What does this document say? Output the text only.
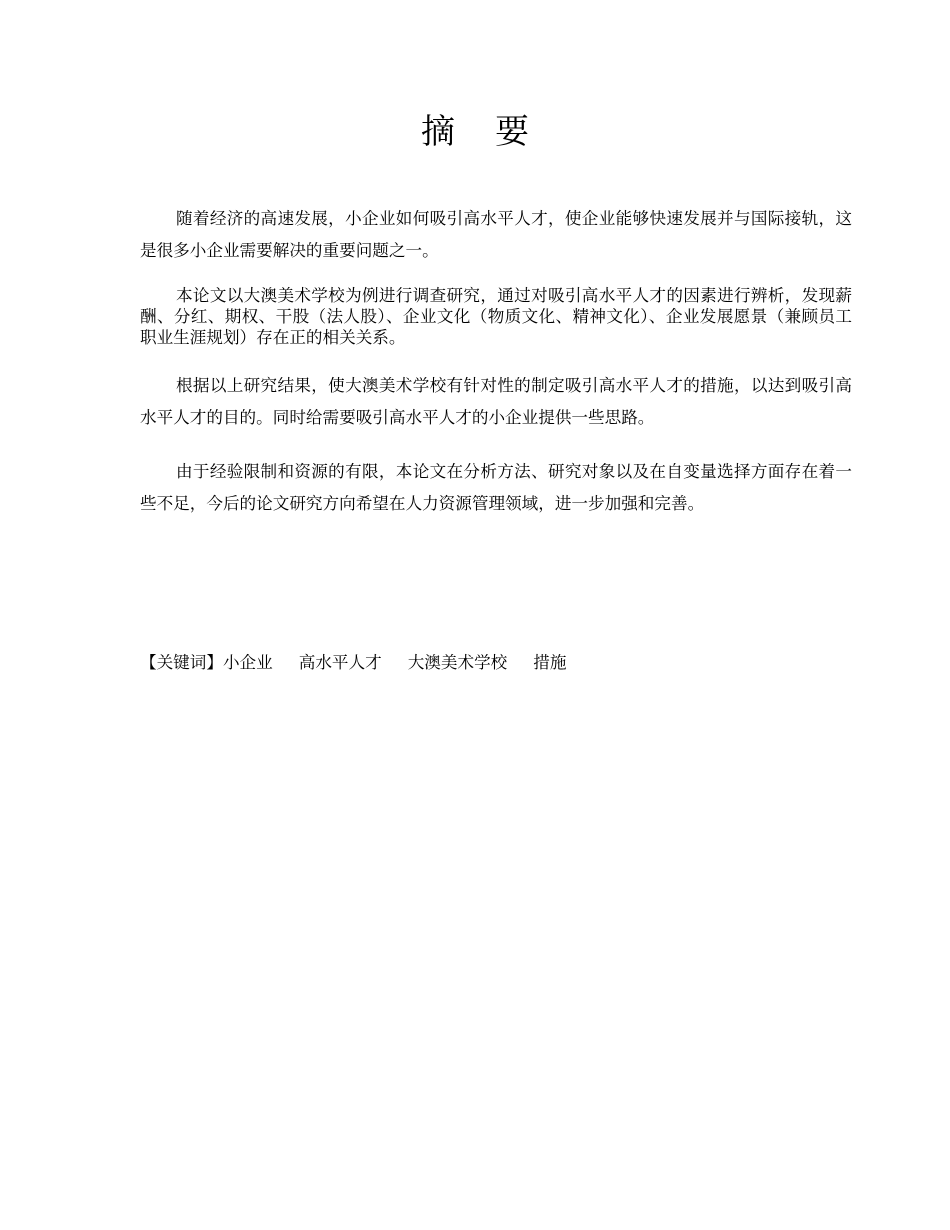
摘要

随着经济的高速发展，小企业如何吸引高水平人才，使企业能够快速发展并与国际接轨，这是很多小企业需要解决的重要问题之一。

本论文以大澳美术学校为例进行调查研究，通过对吸引高水平人才的因素进行辨析，发现薪酬、分红、期权、干股（法人股）、企业文化（物质文化、精神文化）、企业发展愿景（兼顾员工职业生涯规划）存在正的相关关系。

根据以上研究结果，使大澳美术学校有针对性的制定吸引高水平人才的措施，以达到吸引高水平人才的目的。同时给需要吸引高水平人才的小企业提供一些思路。

由于经验限制和资源的有限，本论文在分析方法、研究对象以及在自变量选择方面存在着一些不足，今后的论文研究方向希望在人力资源管理领域，进一步加强和完善。

【关键词】小企业 高水平人才 大澳美术学校 措施
